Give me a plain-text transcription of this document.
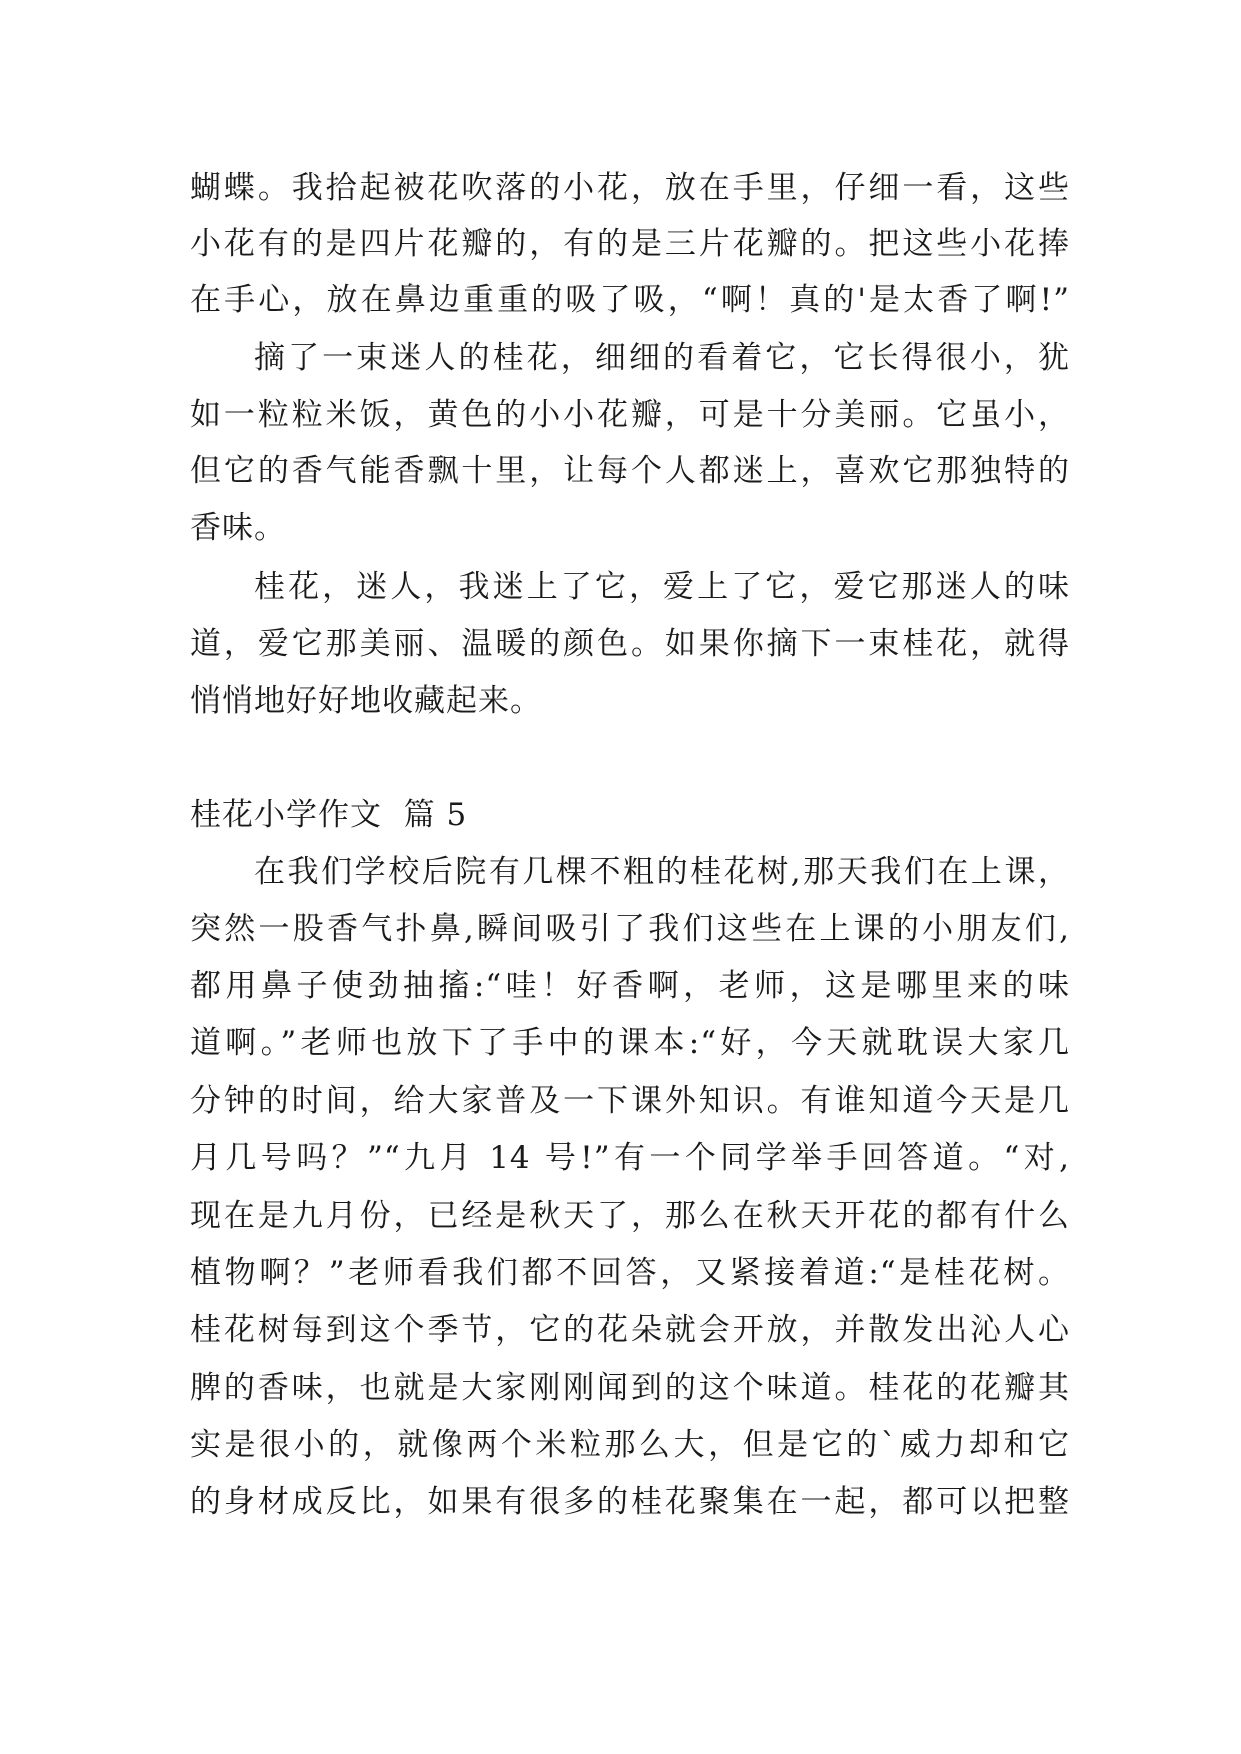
蝴蝶。我拾起被花吹落的小花，放在手里，仔细一看，这些
小花有的是四片花瓣的，有的是三片花瓣的。把这些小花捧
在手心，放在鼻边重重的吸了吸，“啊！真的'是太香了啊!”
摘了一束迷人的桂花，细细的看着它，它长得很小，犹
如一粒粒米饭，黄色的小小花瓣，可是十分美丽。它虽小，
但它的香气能香飘十里，让每个人都迷上，喜欢它那独特的
香味。
桂花，迷人，我迷上了它，爱上了它，爱它那迷人的味
道，爱它那美丽、温暖的颜色。如果你摘下一束桂花，就得
悄悄地好好地收藏起来。
桂花小学作文  篇 5
在我们学校后院有几棵不粗的桂花树,那天我们在上课，
突然一股香气扑鼻,瞬间吸引了我们这些在上课的小朋友们,
都用鼻子使劲抽搐:“哇！好香啊，老师，这是哪里来的味
道啊。”老师也放下了手中的课本:“好，今天就耽误大家几
分钟的时间，给大家普及一下课外知识。有谁知道今天是几
月几号吗？”“九月 14 号!”有一个同学举手回答道。“对,
现在是九月份，已经是秋天了，那么在秋天开花的都有什么
植物啊？”老师看我们都不回答，又紧接着道:“是桂花树。
桂花树每到这个季节，它的花朵就会开放，并散发出沁人心
脾的香味，也就是大家刚刚闻到的这个味道。桂花的花瓣其
实是很小的，就像两个米粒那么大，但是它的`威力却和它
的身材成反比，如果有很多的桂花聚集在一起，都可以把整
